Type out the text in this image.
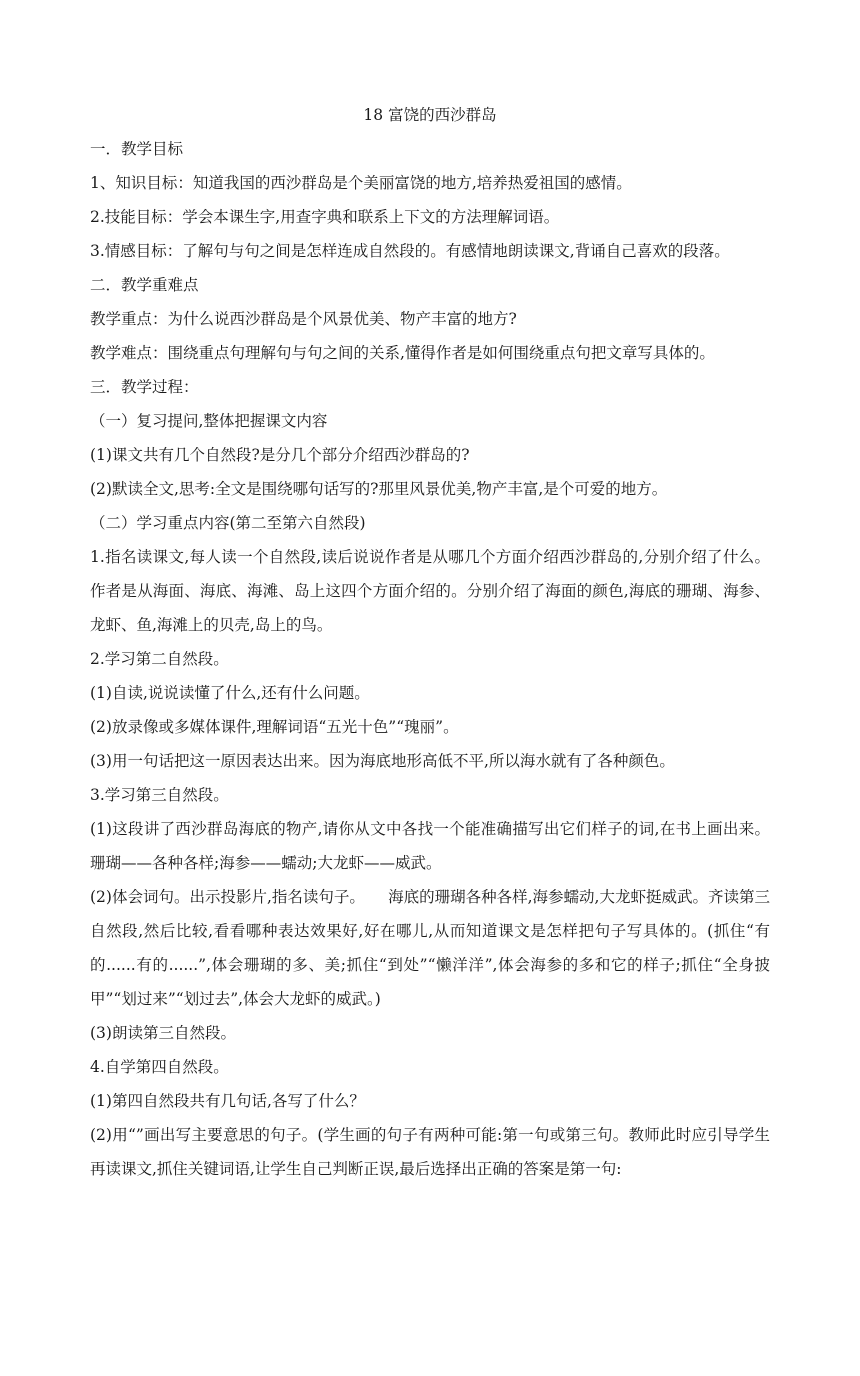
18 富饶的西沙群岛
一．教学目标
1、知识目标：知道我国的西沙群岛是个美丽富饶的地方,培养热爱祖国的感情。
2.技能目标：学会本课生字,用查字典和联系上下文的方法理解词语。
3.情感目标：了解句与句之间是怎样连成自然段的。有感情地朗读课文,背诵自己喜欢的段落。
二．教学重难点
教学重点：为什么说西沙群岛是个风景优美、物产丰富的地方?
教学难点：围绕重点句理解句与句之间的关系,懂得作者是如何围绕重点句把文章写具体的。
三．教学过程：
（一）复习提问,整体把握课文内容
(1)课文共有几个自然段?是分几个部分介绍西沙群岛的?
(2)默读全文,思考:全文是围绕哪句话写的?那里风景优美,物产丰富,是个可爱的地方。
（二）学习重点内容(第二至第六自然段)
1.指名读课文,每人读一个自然段,读后说说作者是从哪几个方面介绍西沙群岛的,分别介绍了什么。作者是从海面、海底、海滩、岛上这四个方面介绍的。分别介绍了海面的颜色,海底的珊瑚、海参、龙虾、鱼,海滩上的贝壳,岛上的鸟。
2.学习第二自然段。
(1)自读,说说读懂了什么,还有什么问题。
(2)放录像或多媒体课件,理解词语“五光十色”“瑰丽”。
(3)用一句话把这一原因表达出来。因为海底地形高低不平,所以海水就有了各种颜色。
3.学习第三自然段。
(1)这段讲了西沙群岛海底的物产,请你从文中各找一个能准确描写出它们样子的词,在书上画出来。珊瑚——各种各样;海参——蠕动;大龙虾——威武。
(2)体会词句。出示投影片,指名读句子。　　海底的珊瑚各种各样,海参蠕动,大龙虾挺威武。齐读第三自然段,然后比较,看看哪种表达效果好,好在哪儿,从而知道课文是怎样把句子写具体的。(抓住“有的......有的......”,体会珊瑚的多、美;抓住“到处”“懒洋洋”,体会海参的多和它的样子;抓住“全身披甲”“划过来”“划过去”,体会大龙虾的威武。)
(3)朗读第三自然段。
4.自学第四自然段。
(1)第四自然段共有几句话,各写了什么？
(2)用“”画出写主要意思的句子。(学生画的句子有两种可能:第一句或第三句。教师此时应引导学生再读课文,抓住关键词语,让学生自己判断正误,最后选择出正确的答案是第一句:
